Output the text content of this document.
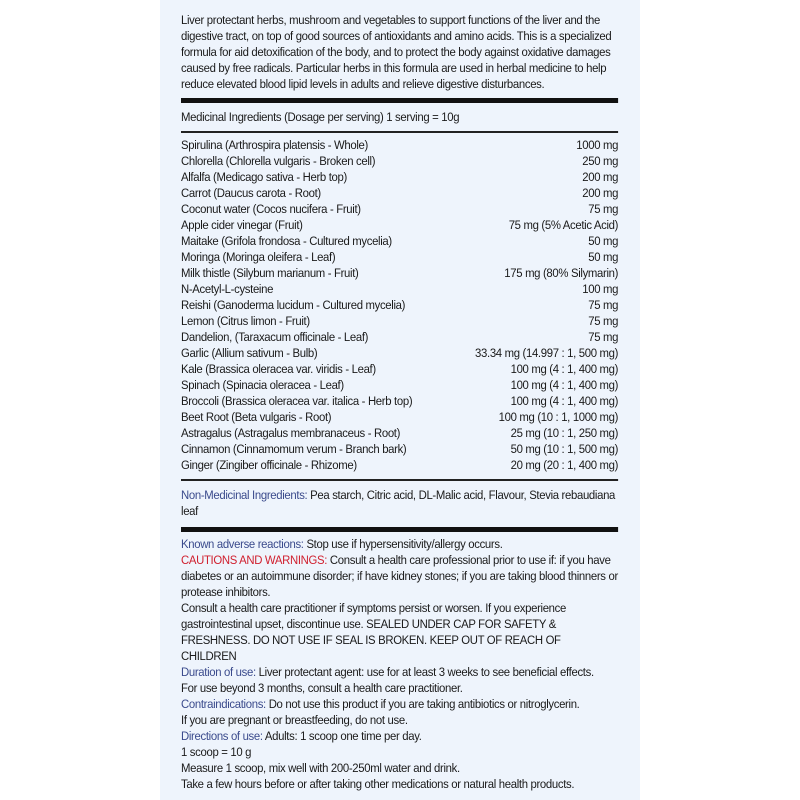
Liver protectant herbs, mushroom and vegetables to support functions of the liver and the digestive tract, on top of good sources of antioxidants and amino acids. This is a specialized formula for aid detoxification of the body, and to protect the body against oxidative damages caused by free radicals. Particular herbs in this formula are used in herbal medicine to help reduce elevated blood lipid levels in adults and relieve digestive disturbances.

Medicinal Ingredients (Dosage per serving) 1 serving = 10g
Spirulina (Arthrospira platensis - Whole)	1000 mg
Chlorella (Chlorella vulgaris - Broken cell)	250 mg
Alfalfa (Medicago sativa - Herb top)	200 mg
Carrot (Daucus carota - Root)	200 mg
Coconut water (Cocos nucifera - Fruit)	75 mg
Apple cider vinegar (Fruit)	75 mg (5% Acetic Acid)
Maitake (Grifola frondosa - Cultured mycelia)	50 mg
Moringa (Moringa oleifera - Leaf)	50 mg
Milk thistle (Silybum marianum - Fruit)	175 mg (80% Silymarin)
N-Acetyl-L-cysteine	100 mg
Reishi (Ganoderma lucidum - Cultured mycelia)	75 mg
Lemon (Citrus limon - Fruit)	75 mg
Dandelion, (Taraxacum officinale - Leaf)	75 mg
Garlic (Allium sativum - Bulb)	33.34 mg (14.997 : 1, 500 mg)
Kale (Brassica oleracea var. viridis - Leaf)	100 mg (4 : 1, 400 mg)
Spinach (Spinacia oleracea - Leaf)	100 mg (4 : 1, 400 mg)
Broccoli (Brassica oleracea var. italica - Herb top)	100 mg (4 : 1, 400 mg)
Beet Root (Beta vulgaris - Root)	100 mg (10 : 1, 1000 mg)
Astragalus (Astragalus membranaceus - Root)	25 mg (10 : 1, 250 mg)
Cinnamon (Cinnamomum verum - Branch bark)	50 mg (10 : 1, 500 mg)
Ginger (Zingiber officinale - Rhizome)	20 mg (20 : 1, 400 mg)
Non-Medicinal Ingredients: Pea starch, Citric acid, DL-Malic acid, Flavour, Stevia rebaudiana leaf

Known adverse reactions: Stop use if hypersensitivity/allergy occurs.

CAUTIONS AND WARNINGS: Consult a health care professional prior to use if: if you have diabetes or an autoimmune disorder; if have kidney stones; if you are taking blood thinners or protease inhibitors.

Consult a health care practitioner if symptoms persist or worsen. If you experience gastrointestinal upset, discontinue use. SEALED UNDER CAP FOR SAFETY & FRESHNESS. DO NOT USE IF SEAL IS BROKEN. KEEP OUT OF REACH OF CHILDREN

Duration of use: Liver protectant agent: use for at least 3 weeks to see beneficial effects.

For use beyond 3 months, consult a health care practitioner.

Contraindications: Do not use this product if you are taking antibiotics or nitroglycerin.

If you are pregnant or breastfeeding, do not use.

Directions of use: Adults: 1 scoop one time per day.

1 scoop = 10 g

Measure 1 scoop, mix well with 200-250ml water and drink.

Take a few hours before or after taking other medications or natural health products.
